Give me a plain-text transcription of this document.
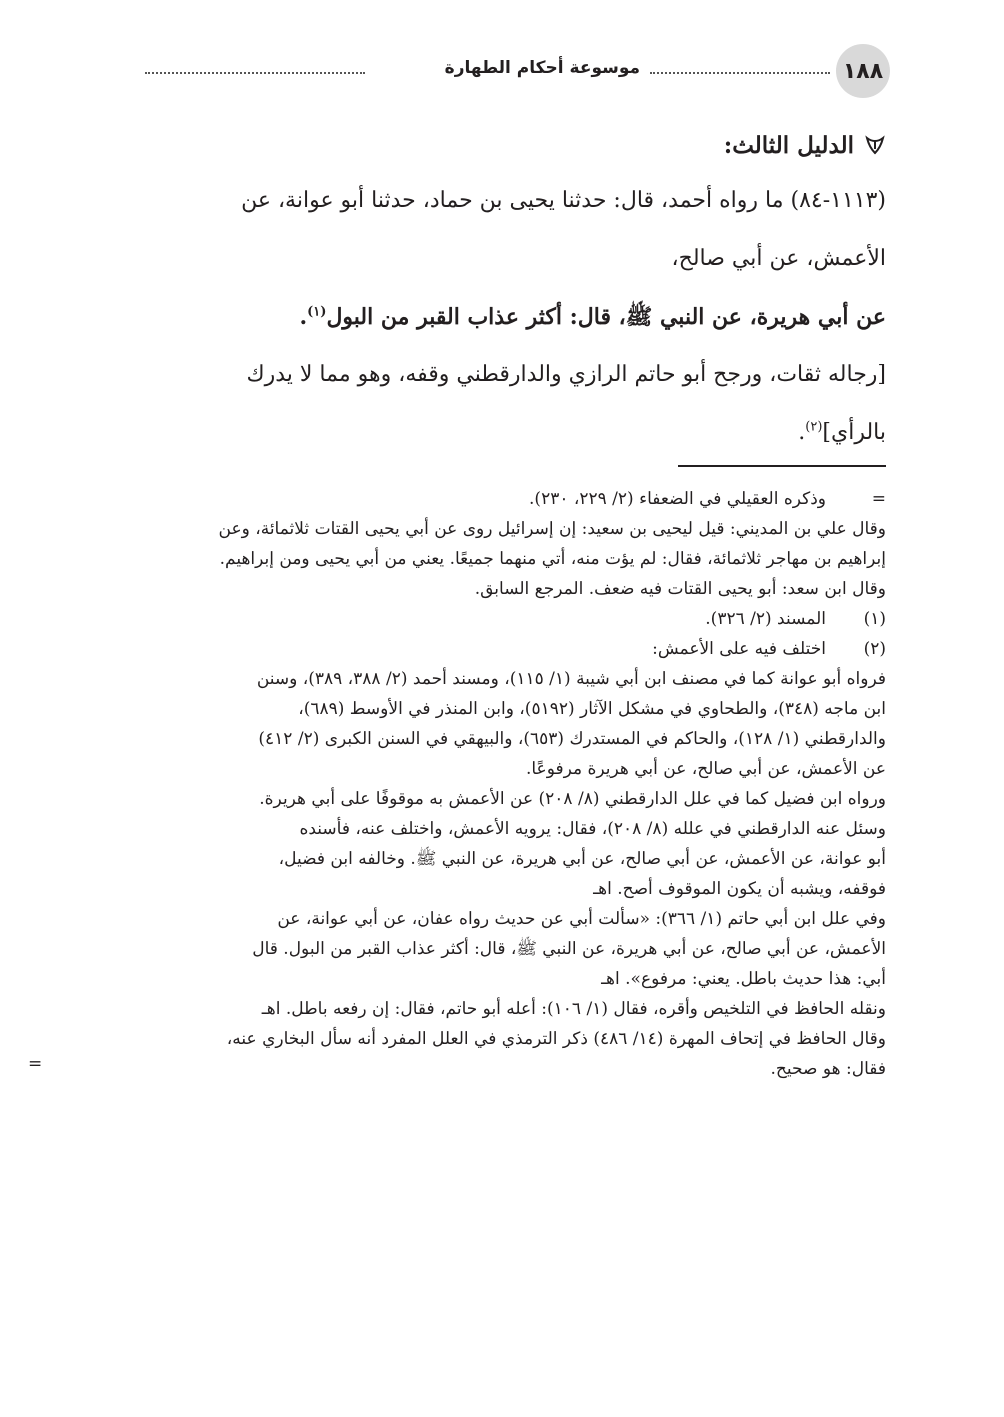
١٨٨
موسوعة أحكام الطهارة
الدليل الثالث:

(١١١٣-٨٤) ما رواه أحمد، قال: حدثنا يحيى بن حماد، حدثنا أبو عوانة، عن
الأعمش، عن أبي صالح،

عن أبي هريرة، عن النبي ﷺ، قال: أكثر عذاب القبر من البول$^{(١)}$.

[رجاله ثقات، ورجح أبو حاتم الرازي والدارقطني وقفه، وهو مما لا يدرك
بالرأي]$^{(٢)}$.

=
وذكره العقيلي في الضعفاء (٢/ ٢٢٩، ٢٣٠).

وقال علي بن المديني: قيل ليحيى بن سعيد: إن إسرائيل روى عن أبي يحيى القتات ثلاثمائة، وعن

إبراهيم بن مهاجر ثلاثمائة، فقال: لم يؤت منه، أتي منهما جميعًا. يعني من أبي يحيى ومن إبراهيم.

وقال ابن سعد: أبو يحيى القتات فيه ضعف. المرجع السابق.

(١)
المسند (٢/ ٣٢٦).
(٢)
اختلف فيه على الأعمش:

فرواه أبو عوانة كما في مصنف ابن أبي شيبة (١/ ١١٥)، ومسند أحمد (٢/ ٣٨٨، ٣٨٩)، وسنن

ابن ماجه (٣٤٨)، والطحاوي في مشكل الآثار (٥١٩٢)، وابن المنذر في الأوسط (٦٨٩)،

والدارقطني (١/ ١٢٨)، والحاكم في المستدرك (٦٥٣)، والبيهقي في السنن الكبرى (٢/ ٤١٢)

عن الأعمش، عن أبي صالح، عن أبي هريرة مرفوعًا.

ورواه ابن فضيل كما في علل الدارقطني (٨/ ٢٠٨) عن الأعمش به موقوفًا على أبي هريرة.

وسئل عنه الدارقطني في علله (٨/ ٢٠٨)، فقال: يرويه الأعمش، واختلف عنه، فأسنده

أبو عوانة، عن الأعمش، عن أبي صالح، عن أبي هريرة، عن النبي ﷺ. وخالفه ابن فضيل،

فوقفه، ويشبه أن يكون الموقوف أصح. اهـ

وفي علل ابن أبي حاتم (١/ ٣٦٦): «سألت أبي عن حديث رواه عفان، عن أبي عوانة، عن

الأعمش، عن أبي صالح، عن أبي هريرة، عن النبي ﷺ، قال: أكثر عذاب القبر من البول. قال

أبي: هذا حديث باطل. يعني: مرفوع». اهـ

ونقله الحافظ في التلخيص وأقره، فقال (١/ ١٠٦): أعله أبو حاتم، فقال: إن رفعه باطل. اهـ

وقال الحافظ في إتحاف المهرة (١٤/ ٤٨٦) ذكر الترمذي في العلل المفرد أنه سأل البخاري عنه،

فقال: هو صحيح.

=
